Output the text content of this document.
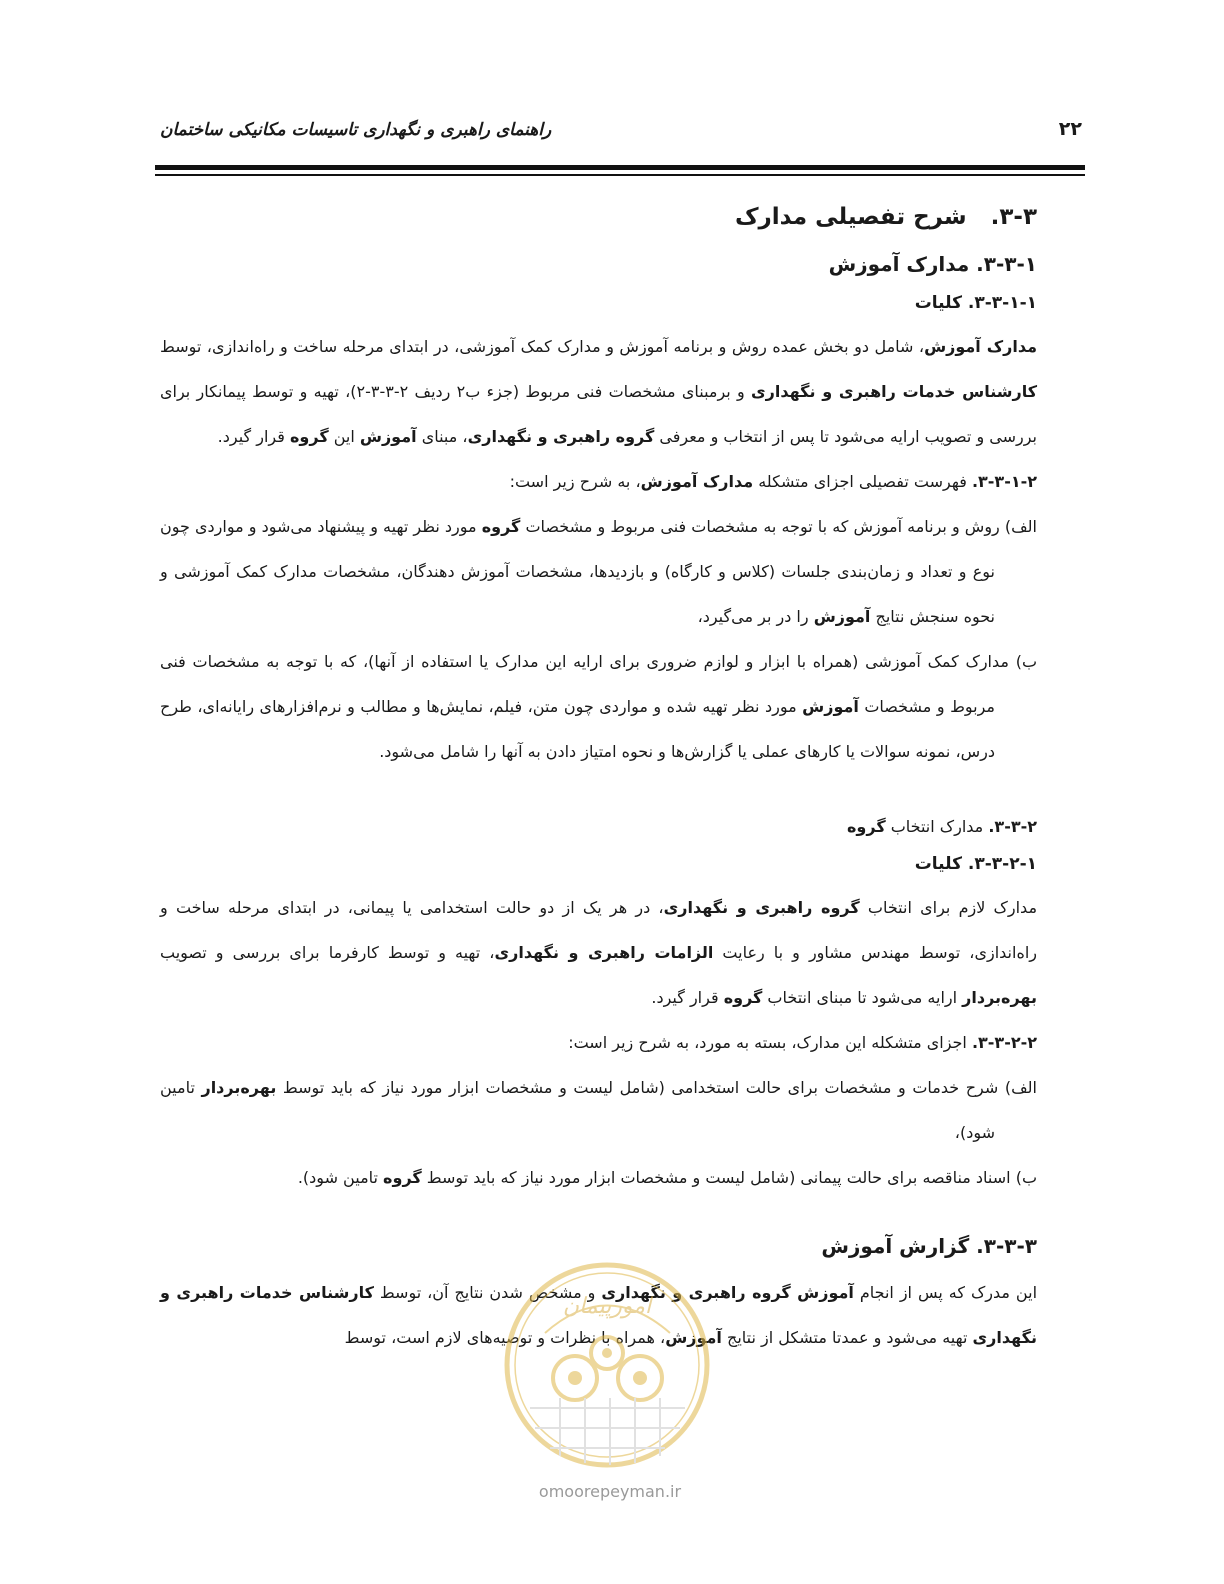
۲۲
راهنمای راهبری و نگهداری تاسیسات مکانیکی ساختمان
۳-۳.   شرح تفصیلی مدارک
۳-۳-۱. مدارک آموزش
۳-۳-۱-۱. کلیات

مدارک آموزش، شامل دو بخش عمده روش و برنامه آموزش و مدارک کمک آموزشی، در ابتدای مرحله ساخت و راه‌اندازی، توسط کارشناس خدمات راهبری و نگهداری و برمبنای مشخصات فنی مربوط (جزء ب۲ ردیف ۲-۳-۳-۲)، تهیه و توسط پیمانکار برای بررسی و تصویب ارایه می‌شود تا پس از انتخاب و معرفی گروه راهبری و نگهداری، مبنای آموزش این گروه قرار گیرد.

۳-۳-۱-۲. فهرست تفصیلی اجزای متشکله مدارک آموزش، به شرح زیر است:

الف) روش و برنامه آموزش که با توجه به مشخصات فنی مربوط و مشخصات گروه مورد نظر تهیه و پیشنهاد می‌شود و مواردی چون نوع و تعداد و زمان‌بندی جلسات (کلاس و کارگاه) و بازدیدها، مشخصات آموزش دهندگان، مشخصات مدارک کمک آموزشی و نحوه سنجش نتایج آموزش را در بر می‌گیرد،

ب) مدارک کمک آموزشی (همراه با ابزار و لوازم ضروری برای ارایه این مدارک یا استفاده از آنها)، که با توجه به مشخصات فنی مربوط و مشخصات آموزش مورد نظر تهیه شده و مواردی چون متن، فیلم، نمایش‌ها و مطالب و نرم‌افزارهای رایانه‌ای، طرح درس، نمونه سوالات یا کارهای عملی یا گزارش‌ها و نحوه امتیاز دادن به آنها را شامل می‌شود.

۳-۳-۲. مدارک انتخاب گروه

۳-۳-۲-۱. کلیات

مدارک لازم برای انتخاب گروه راهبری و نگهداری، در هر یک از دو حالت استخدامی یا پیمانی، در ابتدای مرحله ساخت و راه‌اندازی، توسط مهندس مشاور و با رعایت الزامات راهبری و نگهداری، تهیه و توسط کارفرما برای بررسی و تصویب بهره‌بردار ارایه می‌شود تا مبنای انتخاب گروه قرار گیرد.

۳-۳-۲-۲. اجزای متشکله این مدارک، بسته به مورد، به شرح زیر است:

الف) شرح خدمات و مشخصات برای حالت استخدامی (شامل لیست و مشخصات ابزار مورد نیاز که باید توسط بهره‌بردار تامین شود)،

ب) اسناد مناقصه برای حالت پیمانی (شامل لیست و مشخصات ابزار مورد نیاز که باید توسط گروه تامین شود).

۳-۳-۳. گزارش آموزش

این مدرک که پس از انجام آموزش گروه راهبری و نگهداری و مشخص شدن نتایج آن، توسط کارشناس خدمات راهبری و نگهداری تهیه می‌شود و عمدتا متشکل از نتایج آموزش، همراه با نظرات و توصیه‌های لازم است، توسط

امورپیمان
omoorepeyman.ir
